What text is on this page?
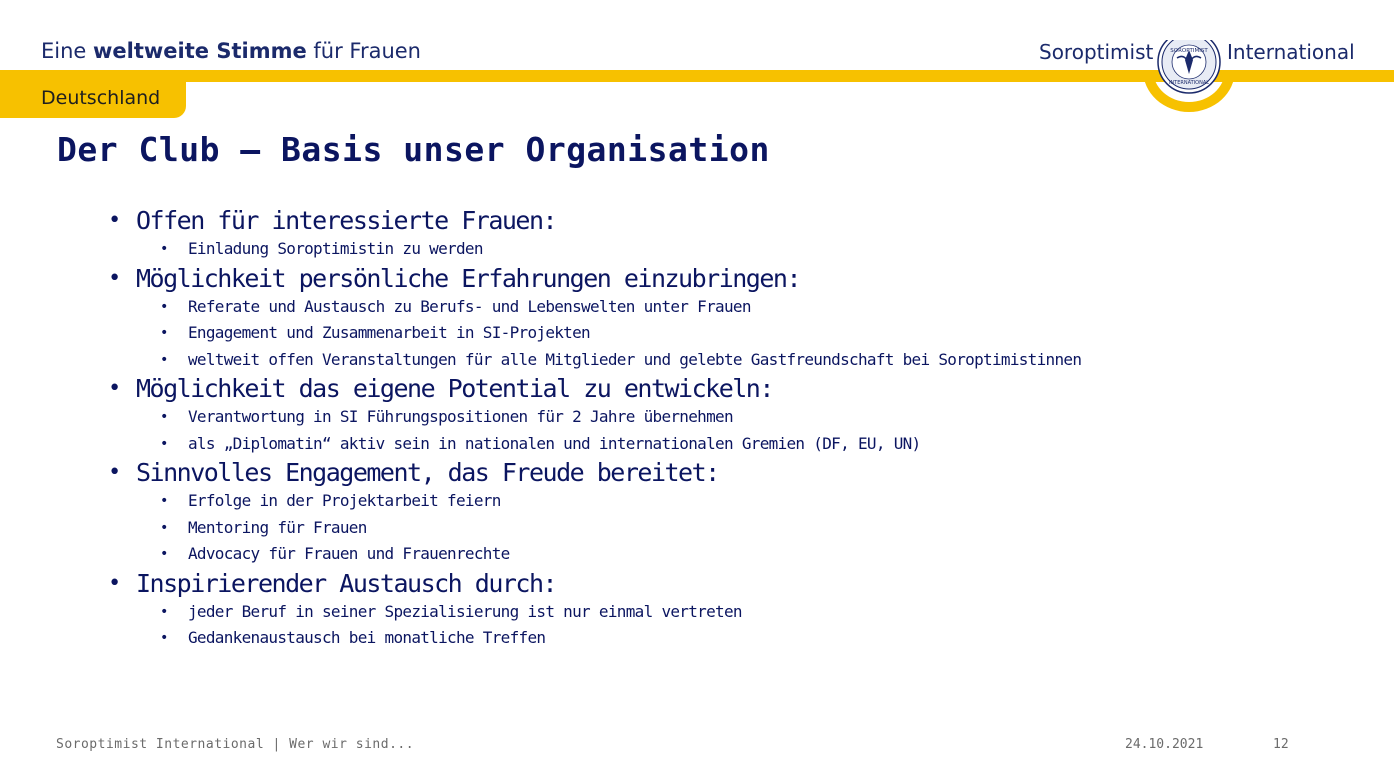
Deutschland
Eine weltweite Stimme für Frauen	Soroptimist	SOROPTIMIST
INTERNATIONAL
International
Der Club – Basis unser Organisation
• Offen für interessierte Frauen:
• Einladung Soroptimistin zu werden
• Möglichkeit persönliche Erfahrungen einzubringen:
• Referate und Austausch zu Berufs- und Lebenswelten unter Frauen
• Engagement und Zusammenarbeit in SI-Projekten
• weltweit offen Veranstaltungen für alle Mitglieder und gelebte Gastfreundschaft bei Soroptimistinnen
• Möglichkeit das eigene Potential zu entwickeln:
• Verantwortung in SI Führungspositionen für 2 Jahre übernehmen
• als „Diplomatin“ aktiv sein in nationalen und internationalen Gremien (DF, EU, UN)
• Sinnvolles Engagement, das Freude bereitet:
• Erfolge in der Projektarbeit feiern
• Mentoring für Frauen
• Advocacy für Frauen und Frauenrechte
• Inspirierender Austausch durch:
• jeder Beruf in seiner Spezialisierung ist nur einmal vertreten
• Gedankenaustausch bei monatliche Treffen
Soroptimist International | Wer wir sind...	24.10.2021	12
